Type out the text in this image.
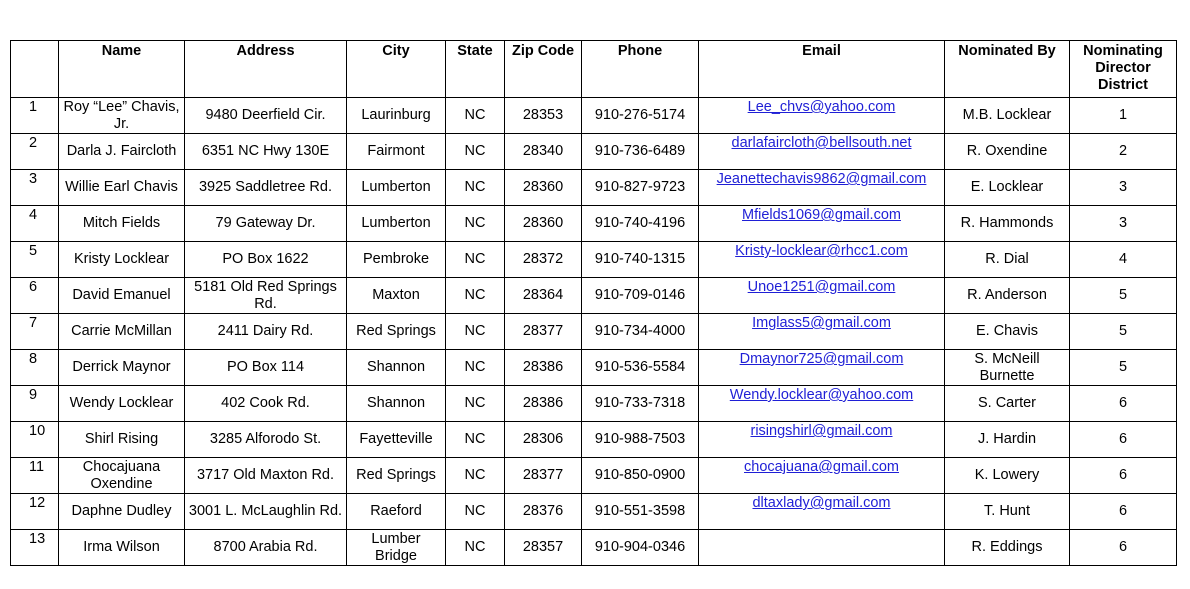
	Name	Address	City	State	Zip Code	Phone	Email	Nominated By	Nominating Director District
1	Roy “Lee” Chavis, Jr.	9480 Deerfield Cir.	Laurinburg	NC	28353	910-276-5174	Lee_chvs@yahoo.com	M.B. Locklear	1
2	Darla J. Faircloth	6351 NC Hwy 130E	Fairmont	NC	28340	910-736-6489	darlafaircloth@bellsouth.net	R. Oxendine	2
3	Willie Earl Chavis	3925 Saddletree Rd.	Lumberton	NC	28360	910-827-9723	Jeanettechavis9862@gmail.com	E. Locklear	3
4	Mitch Fields	79 Gateway Dr.	Lumberton	NC	28360	910-740-4196	Mfields1069@gmail.com	R. Hammonds	3
5	Kristy Locklear	PO Box 1622	Pembroke	NC	28372	910-740-1315	Kristy-locklear@rhcc1.com	R. Dial	4
6	David Emanuel	5181 Old Red Springs Rd.	Maxton	NC	28364	910-709-0146	Unoe1251@gmail.com	R. Anderson	5
7	Carrie McMillan	2411 Dairy Rd.	Red Springs	NC	28377	910-734-4000	Imglass5@gmail.com	E. Chavis	5
8	Derrick Maynor	PO Box 114	Shannon	NC	28386	910-536-5584	Dmaynor725@gmail.com	S. McNeill Burnette	5
9	Wendy Locklear	402 Cook Rd.	Shannon	NC	28386	910-733-7318	Wendy.locklear@yahoo.com	S. Carter	6
10	Shirl Rising	3285 Alforodo St.	Fayetteville	NC	28306	910-988-7503	risingshirl@gmail.com	J. Hardin	6
11	Chocajuana Oxendine	3717 Old Maxton Rd.	Red Springs	NC	28377	910-850-0900	chocajuana@gmail.com	K. Lowery	6
12	Daphne Dudley	3001 L. McLaughlin Rd.	Raeford	NC	28376	910-551-3598	dltaxlady@gmail.com	T. Hunt	6
13	Irma Wilson	8700 Arabia Rd.	Lumber Bridge	NC	28357	910-904-0346		R. Eddings	6
